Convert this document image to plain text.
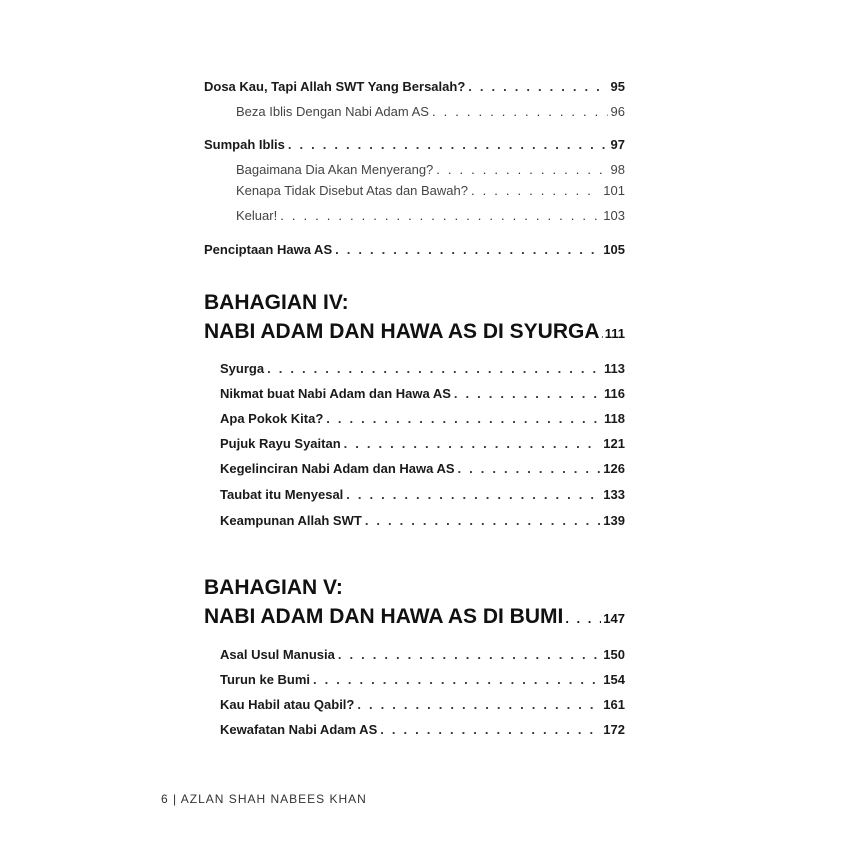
Dosa Kau, Tapi Allah SWT Yang Bersalah? . . .	95
Beza Iblis Dengan Nabi Adam AS . . .	96
Sumpah Iblis . . .	97
Bagaimana Dia Akan Menyerang? . . .	98
Kenapa Tidak Disebut Atas dan Bawah? . . .	101
Keluar! . . .	103
Penciptaan Hawa AS . . .	105
BAHAGIAN IV:
NABI ADAM DAN HAWA AS DI SYURGA . . . 111
Syurga . . .	113
Nikmat buat Nabi Adam dan Hawa AS . . .	116
Apa Pokok Kita? . . .	118
Pujuk Rayu Syaitan . . .	121
Kegelinciran Nabi Adam dan Hawa AS . . .	126
Taubat itu Menyesal . . .	133
Keampunan Allah SWT . . .	139
BAHAGIAN V:
NABI ADAM DAN HAWA AS DI BUMI . . .	147
Asal Usul Manusia . . .	150
Turun ke Bumi . . .	154
Kau Habil atau Qabil? . . .	161
Kewafatan Nabi Adam AS . . .	172
6 | AZLAN SHAH NABEES KHAN
